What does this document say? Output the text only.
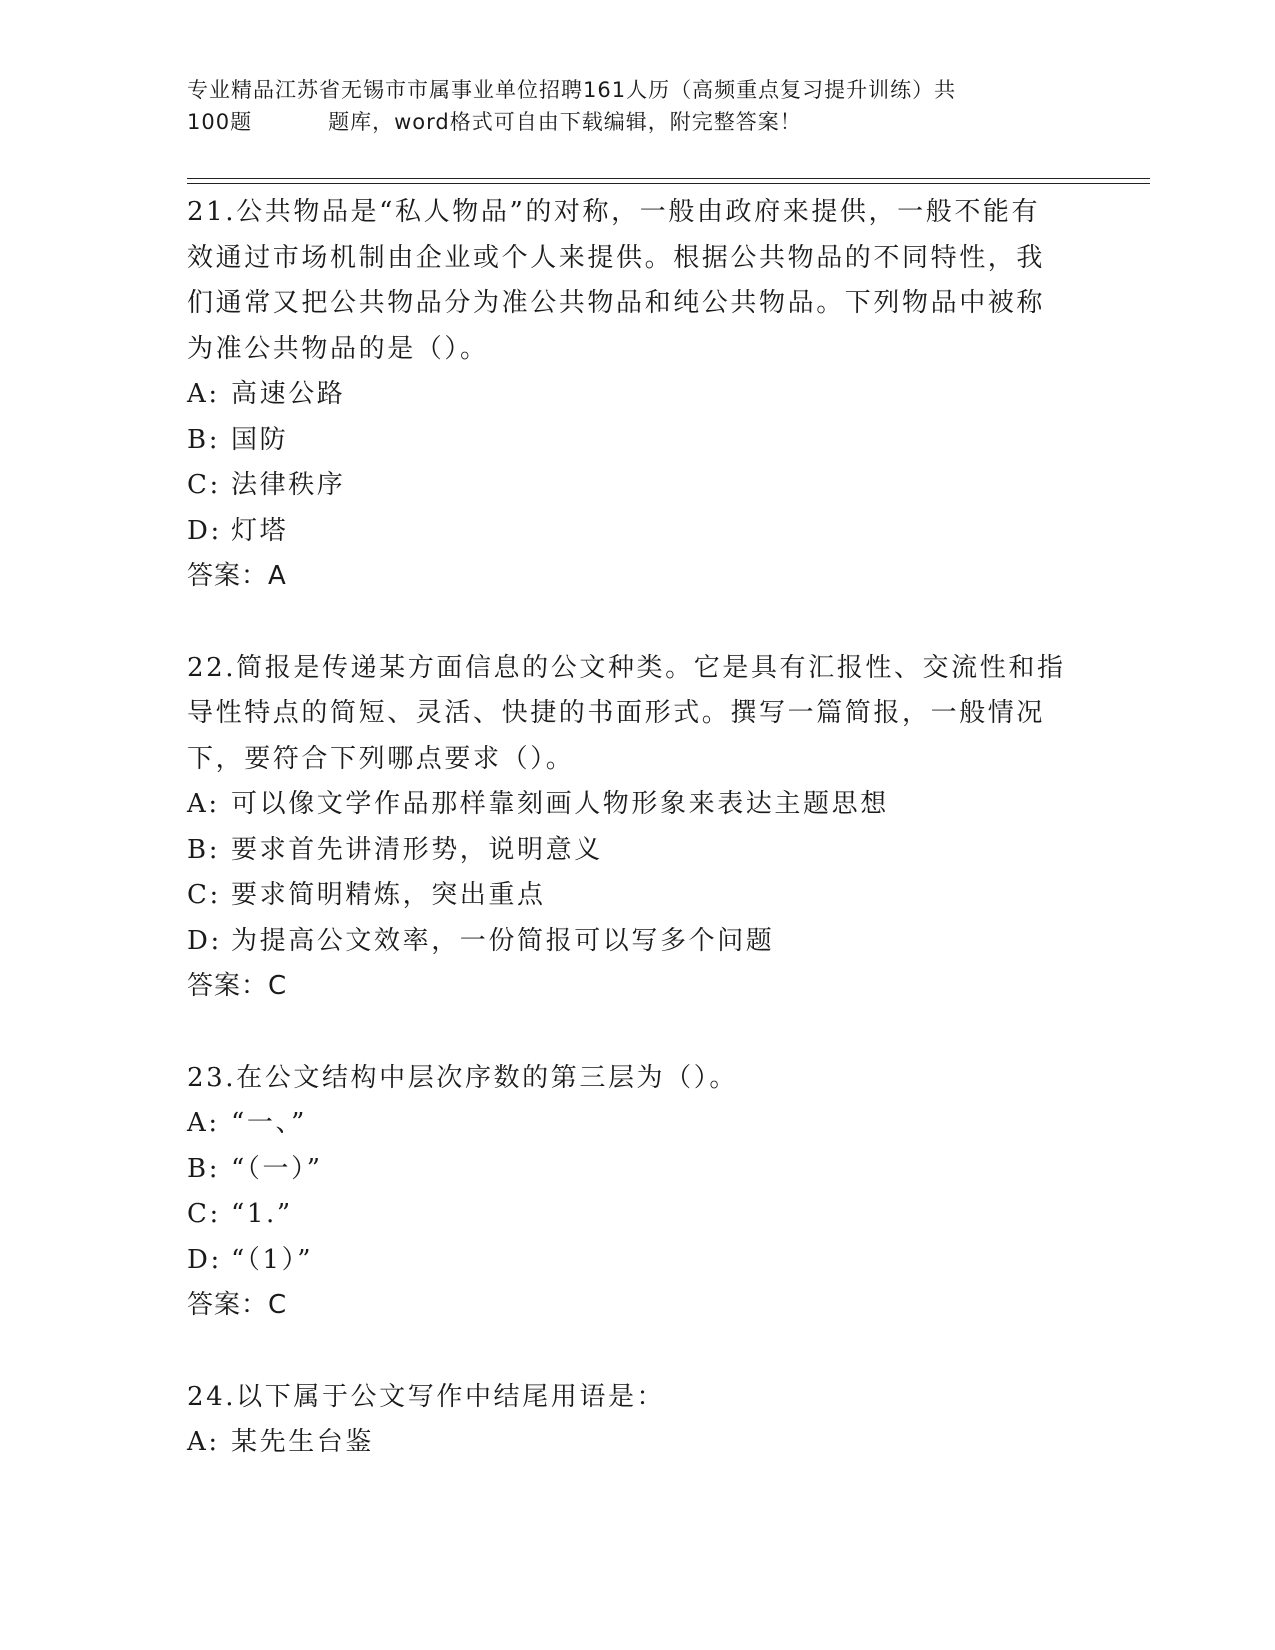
专业精品江苏省无锡市市属事业单位招聘161人历（高频重点复习提升训练）共
100题	题库，word格式可自由下载编辑，附完整答案！

21.公共物品是“私人物品”的对称，一般由政府来提供，一般不能有

效通过市场机制由企业或个人来提供。根据公共物品的不同特性，我

们通常又把公共物品分为准公共物品和纯公共物品。下列物品中被称

为准公共物品的是（）。

A: 高速公路

B: 国防

C: 法律秩序

D: 灯塔

答案：A

22.简报是传递某方面信息的公文种类。它是具有汇报性、交流性和指

导性特点的简短、灵活、快捷的书面形式。撰写一篇简报，一般情况

下，要符合下列哪点要求（）。

A: 可以像文学作品那样靠刻画人物形象来表达主题思想

B: 要求首先讲清形势，说明意义

C: 要求简明精炼，突出重点

D: 为提高公文效率，一份简报可以写多个问题

答案：C

23.在公文结构中层次序数的第三层为（）。

A: “一、”

B: “（一）”

C: “1.”

D: “（1）”

答案：C

24.以下属于公文写作中结尾用语是：

A: 某先生台鉴
